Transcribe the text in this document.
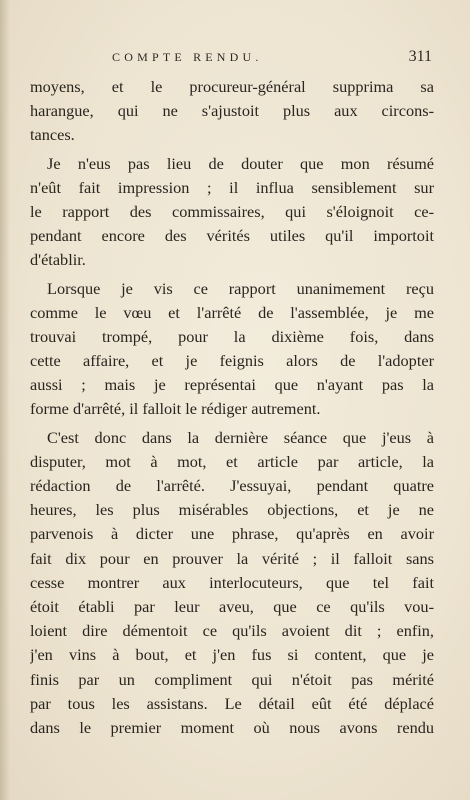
COMPTE RENDU.	311
moyens, et le procureur-général supprima sa
harangue, qui ne s'ajustoit plus aux circons-
tances.
Je n'eus pas lieu de douter que mon résumé
n'eût fait impression ; il influa sensiblement sur
le rapport des commissaires, qui s'éloignoit ce-
pendant encore des vérités utiles qu'il importoit
d'établir.
Lorsque je vis ce rapport unanimement reçu
comme le vœu et l'arrêté de l'assemblée, je me
trouvai trompé, pour la dixième fois, dans
cette affaire, et je feignis alors de l'adopter
aussi ; mais je représentai que n'ayant pas la
forme d'arrêté, il falloit le rédiger autrement.
C'est donc dans la dernière séance que j'eus à
disputer, mot à mot, et article par article, la
rédaction de l'arrêté. J'essuyai, pendant quatre
heures, les plus misérables objections, et je ne
parvenois à dicter une phrase, qu'après en avoir
fait dix pour en prouver la vérité ; il falloit sans
cesse montrer aux interlocuteurs, que tel fait
étoit établi par leur aveu, que ce qu'ils vou-
loient dire démentoit ce qu'ils avoient dit ; enfin,
j'en vins à bout, et j'en fus si content, que je
finis par un compliment qui n'étoit pas mérité
par tous les assistans. Le détail eût été déplacé
dans le premier moment où nous avons rendu
